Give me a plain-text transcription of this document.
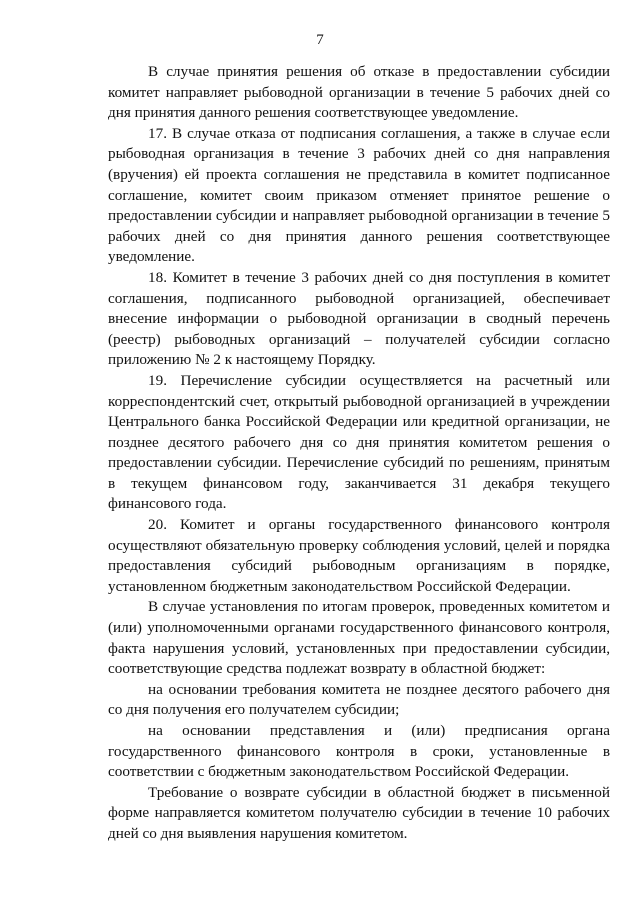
7

В случае принятия решения об отказе в предоставлении субсидии комитет направляет рыбоводной организации в течение 5 рабочих дней со дня принятия данного решения соответствующее уведомление.

17. В случае отказа от подписания соглашения, а также в случае если рыбоводная организация в течение 3 рабочих дней со дня направления (вручения) ей проекта соглашения не представила в комитет подписанное соглашение, комитет своим приказом отменяет принятое решение о предоставлении субсидии и направляет рыбоводной организации в течение 5 рабочих дней со дня принятия данного решения соответствующее уведомление.

18. Комитет в течение 3 рабочих дней со дня поступления в комитет соглашения, подписанного рыбоводной организацией, обеспечивает внесение информации о рыбоводной организации в сводный перечень (реестр) рыбоводных организаций – получателей субсидии согласно приложению № 2 к настоящему Порядку.

19. Перечисление субсидии осуществляется на расчетный или корреспондентский счет, открытый рыбоводной организацией в учреждении Центрального банка Российской Федерации или кредитной организации, не позднее десятого рабочего дня со дня принятия комитетом решения о предоставлении субсидии. Перечисление субсидий по решениям, принятым в текущем финансовом году, заканчивается 31 декабря текущего финансового года.

20. Комитет и органы государственного финансового контроля осуществляют обязательную проверку соблюдения условий, целей и порядка предоставления субсидий рыбоводным организациям в порядке, установленном бюджетным законодательством Российской Федерации.

В случае установления по итогам проверок, проведенных комитетом и (или) уполномоченными органами государственного финансового контроля, факта нарушения условий, установленных при предоставлении субсидии, соответствующие средства подлежат возврату в областной бюджет:

на основании требования комитета не позднее десятого рабочего дня со дня получения его получателем субсидии;

на основании представления и (или) предписания органа государственного финансового контроля в сроки, установленные в соответствии с бюджетным законодательством Российской Федерации.

Требование о возврате субсидии в областной бюджет в письменной форме направляется комитетом получателю субсидии в течение 10 рабочих дней со дня выявления нарушения комитетом.
